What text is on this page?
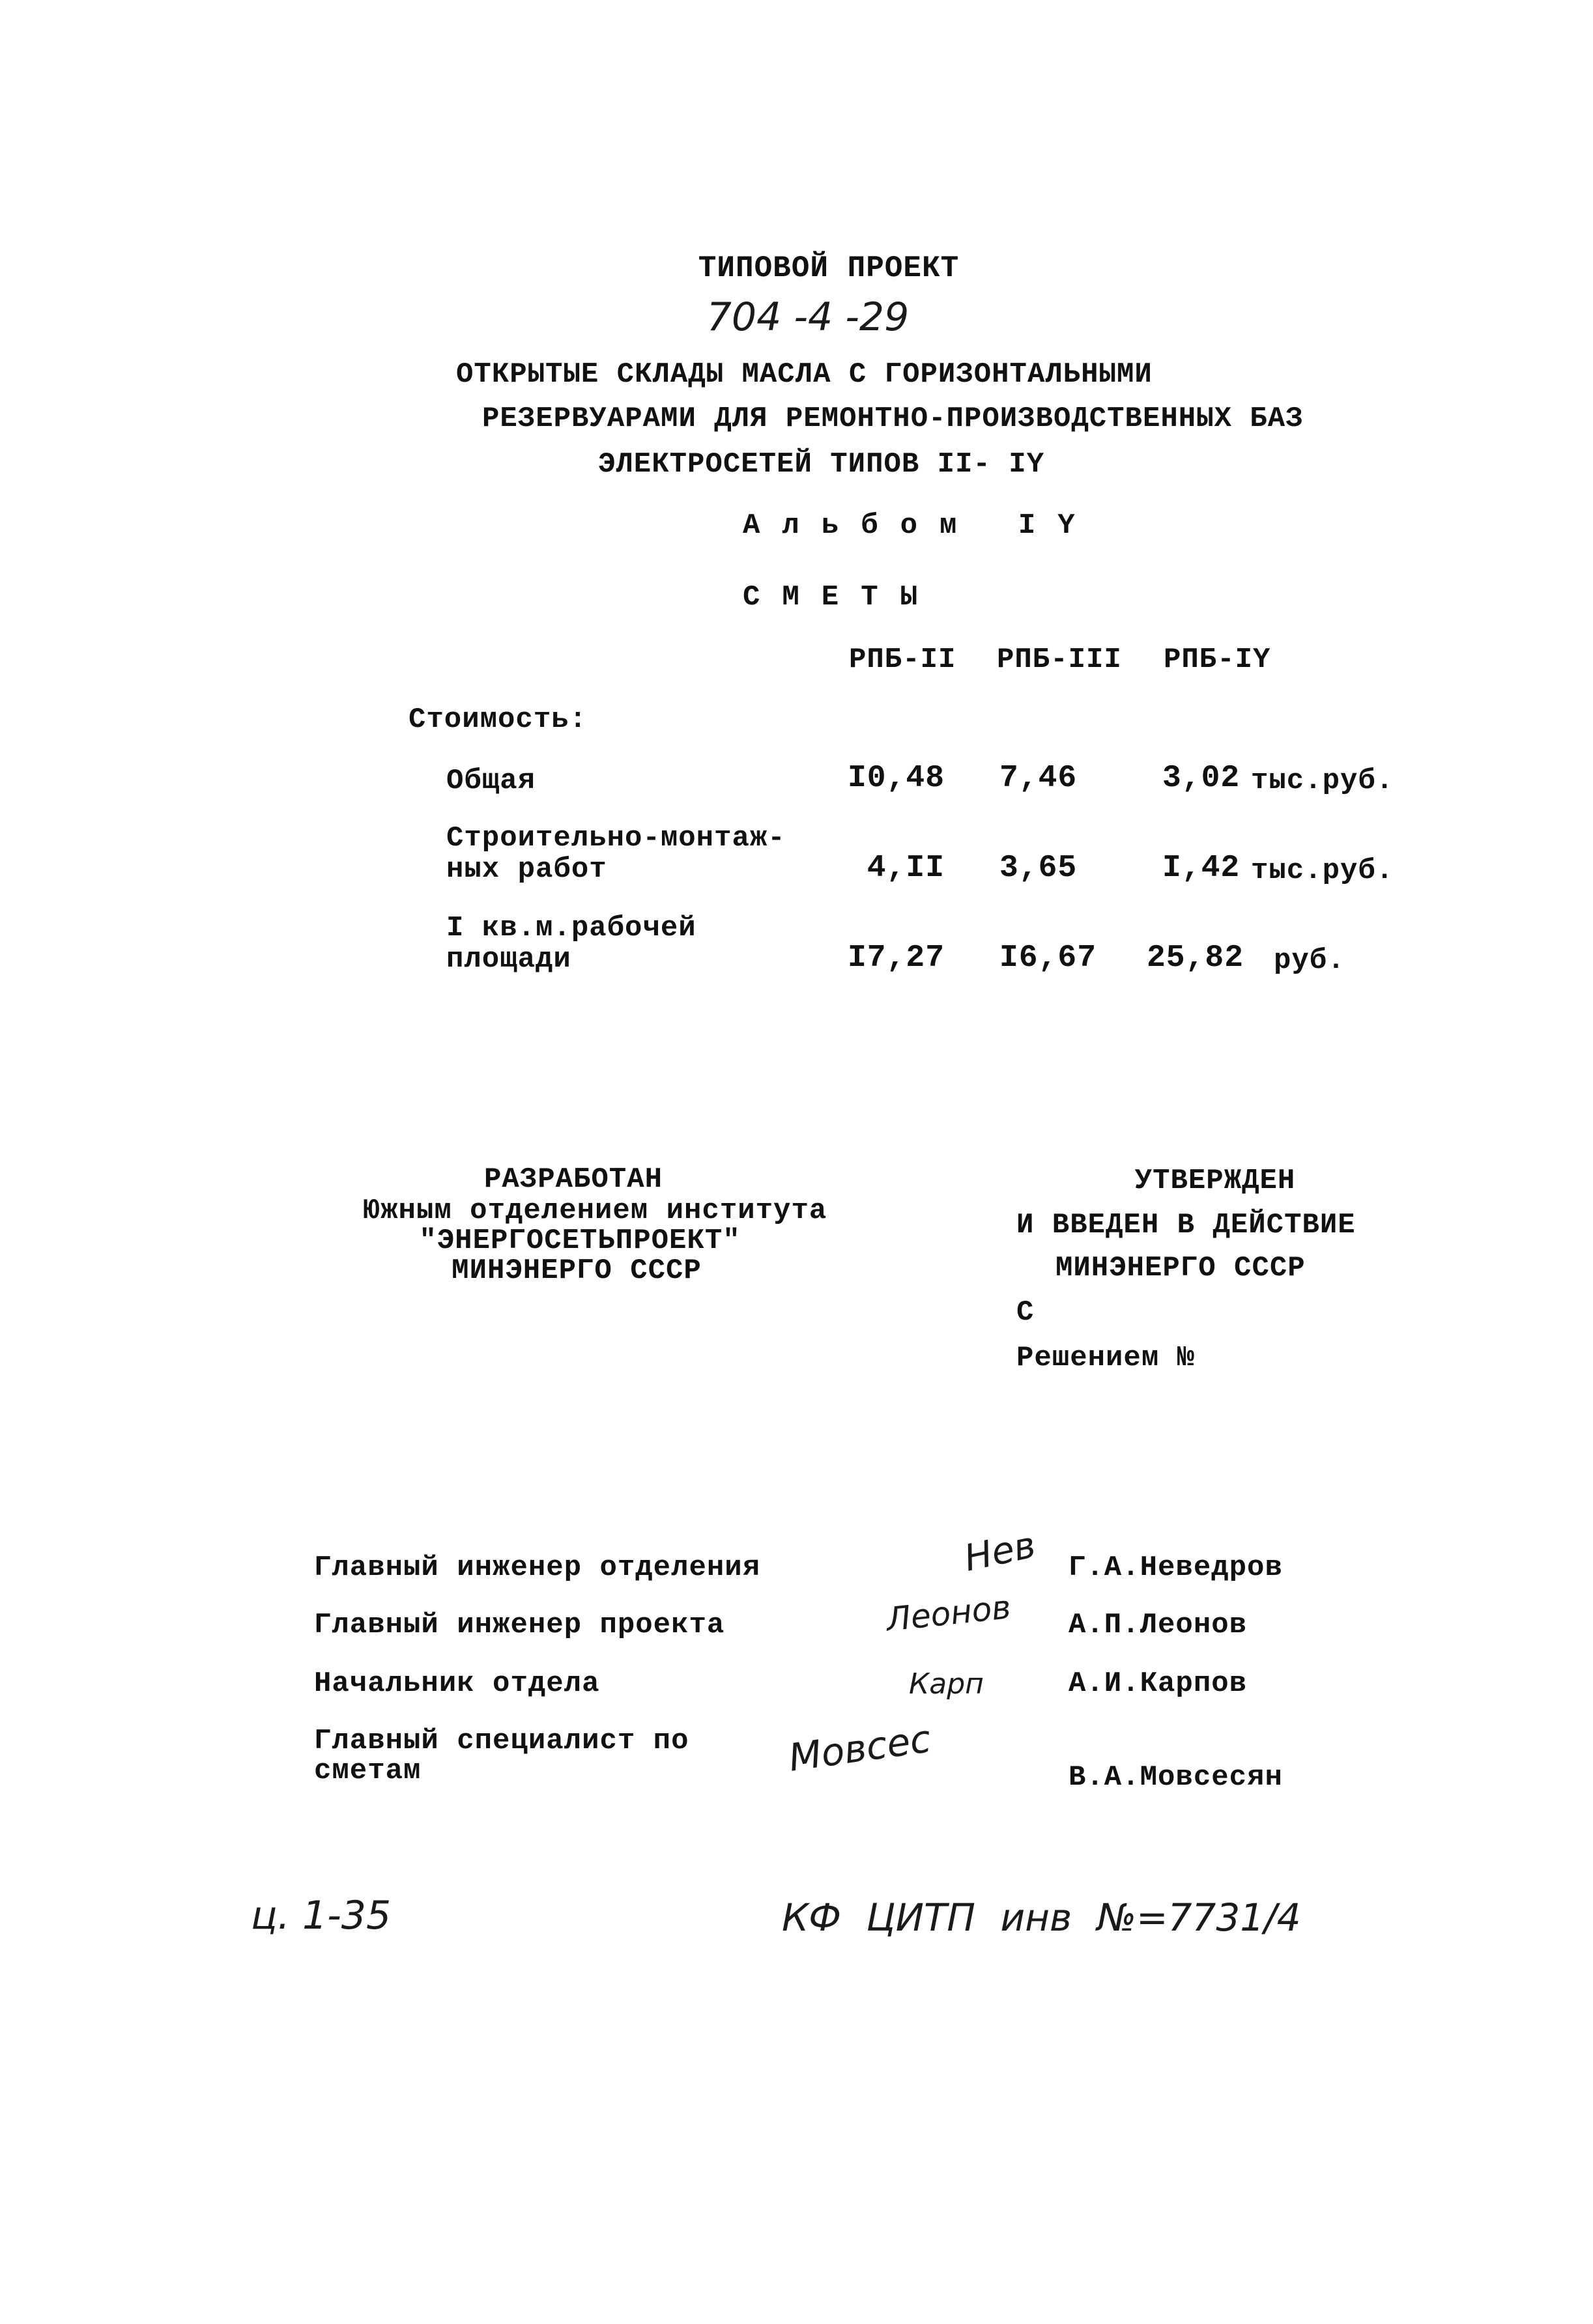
ТИПОВОЙ ПРОЕКТ
704 -4 -29
ОТКРЫТЫЕ СКЛАДЫ МАСЛА С ГОРИЗОНТАЛЬНЫМИ
РЕЗЕРВУАРАМИ ДЛЯ РЕМОНТНО-ПРОИЗВОДСТВЕННЫХ БАЗ
ЭЛЕКТРОСЕТЕЙ ТИПОВ II- IY
Альбом IY
СМЕТЫ
РПБ-II РПБ-III РПБ-IY
Стоимость:
Общая	I0,48 7,46	3,02 тыс.руб.
Строительно-монтаж-
ных работ	4,II 3,65	I,42 тыс.руб.
I кв.м.рабочей
площади	I7,27 I6,67 25,82 руб.
РАЗРАБОТАН
Южным отделением института
"ЭНЕРГОСЕТЬПРОЕКТ"
МИНЭНЕРГО СССР
УТВЕРЖДЕН
И ВВЕДЕН В ДЕЙСТВИЕ
МИНЭНЕРГО СССР
С
Решением №
Главный инженер отделения	Нев Г.А.Неведров
Главный инженер проекта	Леонов А.П.Леонов
Начальник отдела	Карп	А.И.Карпов
Главный специалист по
сметам	Мовсес	В.А.Мовсесян
ц. 1-35	КФ ЦИТП инв №=7731/4
